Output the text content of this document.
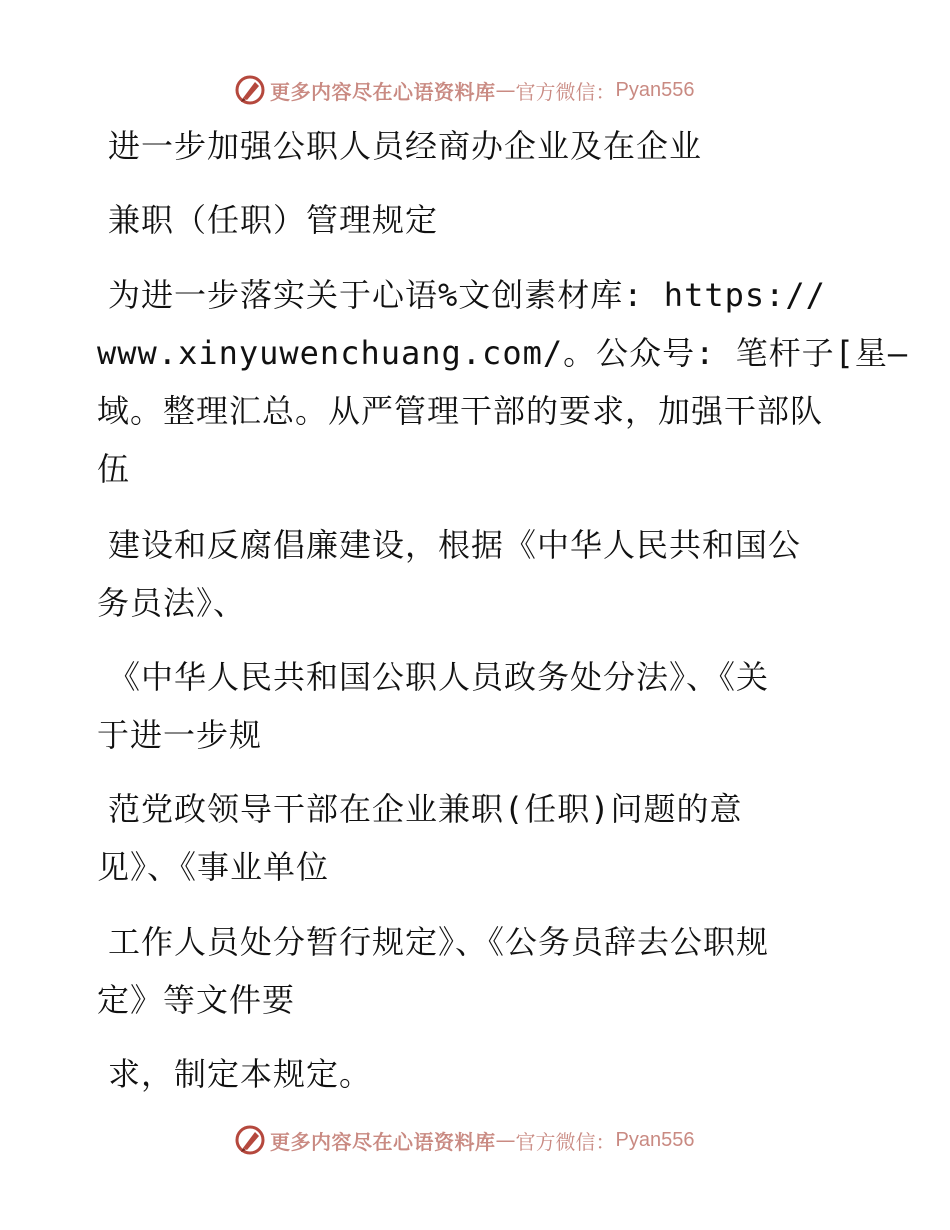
更多内容尽在心语资料库 — 官方微信： Pyan556
进一步加强公职人员经商办企业及在企业
兼职（任职）管理规定
为进一步落实关于心语%文创素材库: https://
www.xinyuwenchuang.com/。公众号: 笔杆子[星—
域。整理汇总。从严管理干部的要求，加强干部队
伍
建设和反腐倡廉建设，根据《中华人民共和国公
务员法》、
《中华人民共和国公职人员政务处分法》、《关
于进一步规
范党政领导干部在企业兼职(任职)问题的意
见》、《事业单位
工作人员处分暂行规定》、《公务员辞去公职规
定》等文件要
求，制定本规定。
更多内容尽在心语资料库 — 官方微信： Pyan556
